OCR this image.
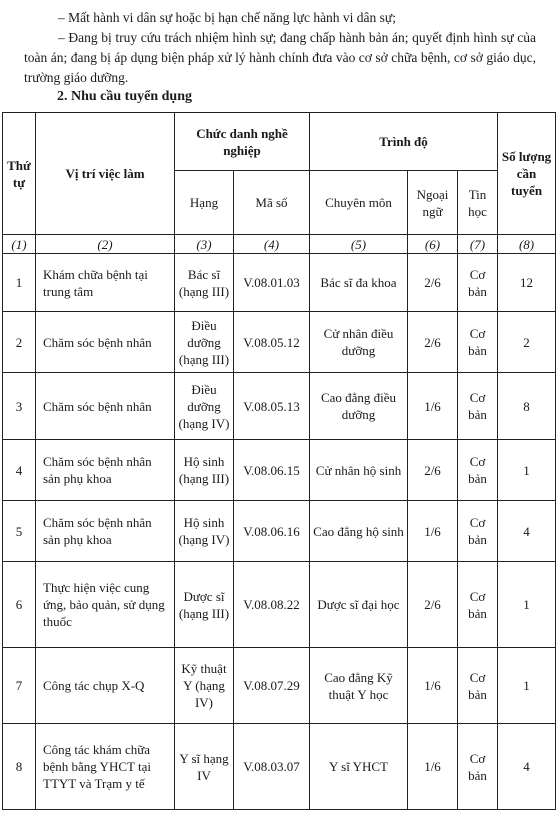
– Mất hành vi dân sự hoặc bị hạn chế năng lực hành vi dân sự;

– Đang bị truy cứu trách nhiệm hình sự; đang chấp hành bản án; quyết định hình sự của toàn án; đang bị áp dụng biện pháp xử lý hành chính đưa vào cơ sở chữa bệnh, cơ sở giáo dục, trường giáo dưỡng.

2. Nhu cầu tuyển dụng
Thứ tự	Vị trí việc làm	Chức danh nghề nghiệp		Trình độ			Số lượng cần tuyển
		Hạng	Mã số	Chuyên môn	Ngoại ngữ	Tin học	
(1)	(2)	(3)	(4)	(5)	(6)	(7)	(8)
1	Khám chữa bệnh tại trung tâm	Bác sĩ (hạng III)	V.08.01.03	Bác sĩ đa khoa	2/6	Cơ bản	12
2	Chăm sóc bệnh nhân	Điều dưỡng (hạng III)	V.08.05.12	Cử nhân điều dưỡng	2/6	Cơ bản	2
3	Chăm sóc bệnh nhân	Điều dưỡng (hạng IV)	V.08.05.13	Cao đẳng điều dưỡng	1/6	Cơ bản	8
4	Chăm sóc bệnh nhân sản phụ khoa	Hộ sinh (hạng III)	V.08.06.15	Cử nhân hộ sinh	2/6	Cơ bản	1
5	Chăm sóc bệnh nhân sản phụ khoa	Hộ sinh (hạng IV)	V.08.06.16	Cao đẳng hộ sinh	1/6	Cơ bản	4
6	Thực hiện việc cung ứng, bảo quản, sử dụng thuốc	Dược sĩ (hạng III)	V.08.08.22	Dược sĩ đại học	2/6	Cơ bản	1
7	Công tác chụp X-Q	Kỹ thuật Y (hạng IV)	V.08.07.29	Cao đẳng Kỹ thuật Y học	1/6	Cơ bản	1
8	Công tác khám chữa bệnh bằng YHCT tại TTYT và Trạm y tế	Y sĩ hạng IV	V.08.03.07	Y sĩ YHCT	1/6	Cơ bản	4
